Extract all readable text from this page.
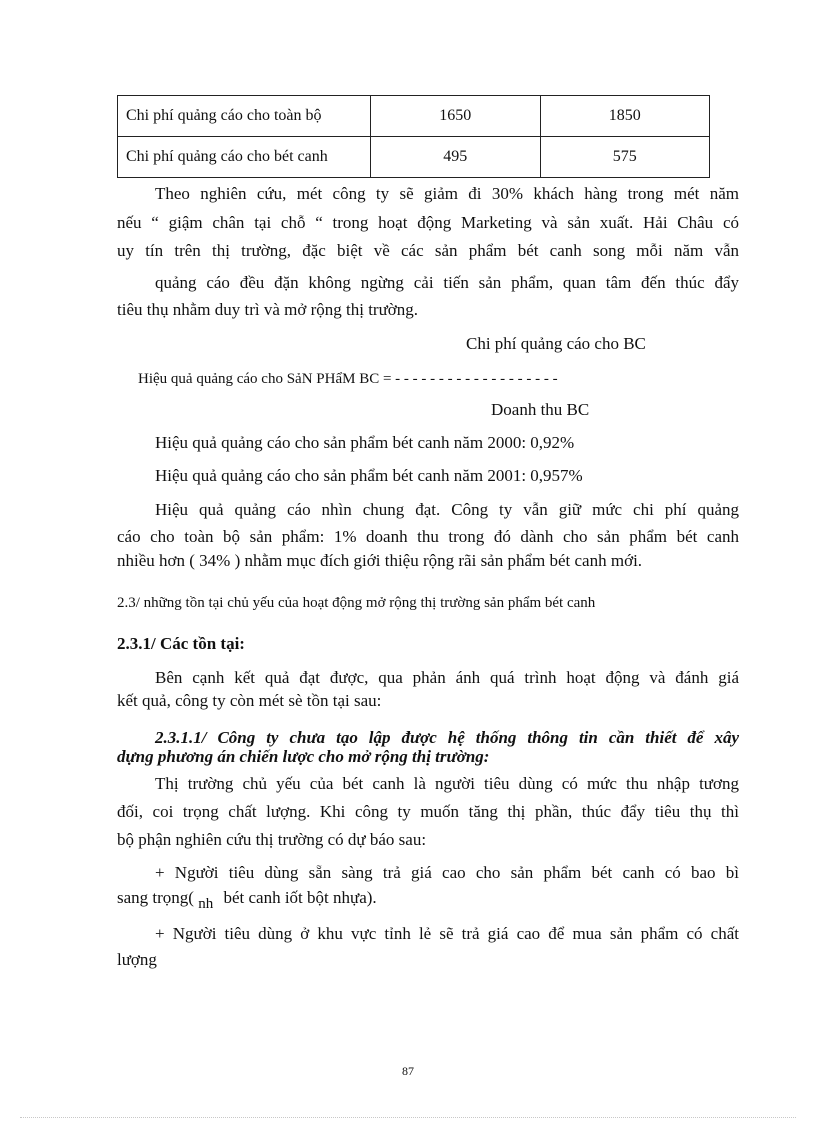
Chi phí quảng cáo cho toàn bộ	1650	1850
Chi phí quảng cáo cho bét canh	495	575
Theo nghiên cứu, mét công ty sẽ giảm đi 30% khách hàng trong mét năm
nếu “ giậm chân tại chỗ “ trong hoạt động Marketing và sản xuất. Hải Châu có
uy tín trên thị trường, đặc biệt về các sản phẩm bét canh song mỗi năm vẫn
quảng cáo đều đặn không ngừng cải tiến sản phẩm, quan tâm đến thúc đẩy
tiêu thụ nhằm duy trì và mở rộng thị trường.
Chi phí quảng cáo cho BC
Hiệu quả quảng cáo cho SảN PHẩM BC = - - - - - - - - - - - - - - - - - - -
Doanh thu BC
Hiệu quả quảng cáo cho sản phẩm bét canh năm 2000: 0,92%
Hiệu quả quảng cáo cho sản phẩm bét canh năm 2001: 0,957%
Hiệu quả quảng cáo nhìn chung đạt. Công ty vẫn giữ mức chi phí quảng
cáo cho toàn bộ sản phẩm: 1% doanh thu trong đó dành cho sản phẩm bét canh
nhiều hơn ( 34% ) nhằm mục đích giới thiệu rộng rãi sản phẩm bét canh mới.
2.3/ những tồn tại chủ yếu của hoạt động mở rộng thị trường sản phẩm bét canh
2.3.1/ Các tồn tại:
Bên cạnh kết quả đạt được, qua phản ánh quá trình hoạt động và đánh giá
kết quả, công ty còn mét sè tồn tại sau:
2.3.1.1/ Công ty chưa tạo lập được hệ thống thông tin cần thiết để xây
dựng phương án chiến lược cho mở rộng thị trường:
Thị trường chủ yếu của bét canh là người tiêu dùng có mức thu nhập tương
đối, coi trọng chất lượng. Khi công ty muốn tăng thị phần, thúc đẩy tiêu thụ thì
bộ phận nghiên cứu thị trường có dự báo sau:
+ Người tiêu dùng sẵn sàng trả giá cao cho sản phẩm bét canh có bao bì
sang trọng( nh bét canh iốt bột nhựa).
+ Người tiêu dùng ở khu vực tỉnh lẻ sẽ trả giá cao để mua sản phẩm có chất
lượng
87
